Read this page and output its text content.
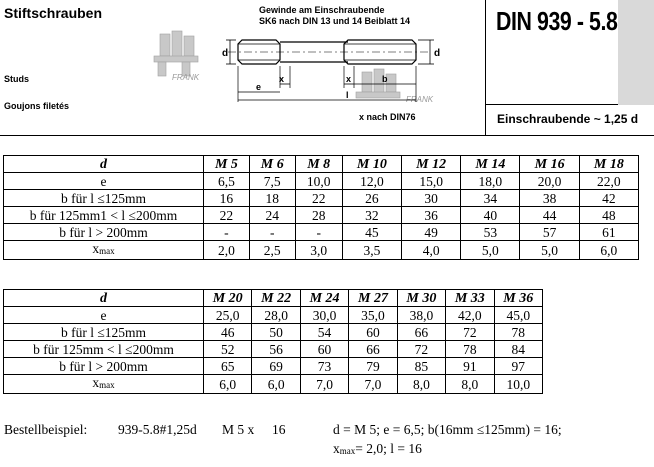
DIN 939 - 5.8
Einschraubende ~ 1,25 d
Stiftschrauben
Studs
Goujons filetés
Gewinde am Einschraubende
SK6 nach DIN 13 und 14 Beiblatt 14
x nach DIN76
FRANK
FRANK
d	d
x	x	b
e
l
d	M 5	M 6	M 8	M 10	M 12	M 14	M 16	M 18
e	6,5	7,5	10,0	12,0	15,0	18,0	20,0	22,0
b für l ≤125mm	16	18	22	26	30	34	38	42
b für 125mm1 < l ≤200mm	22	24	28	32	36	40	44	48
b für l > 200mm	-	-	-	45	49	53	57	61
xmax	2,0	2,5	3,0	3,5	4,0	5,0	5,0	6,0
d	M 20	M 22	M 24	M 27	M 30	M 33	M 36
e	25,0	28,0	30,0	35,0	38,0	42,0	45,0
b für l ≤125mm	46	50	54	60	66	72	78
b für 125mm < l ≤200mm	52	56	60	66	72	78	84
b für l > 200mm	65	69	73	79	85	91	97
xmax	6,0	6,0	7,0	7,0	8,0	8,0	10,0
Bestellbeispiel: 939-5.8#1,25d M 5 x 16	d = M 5; e = 6,5; b(16mm ≤125mm) = 16;
xmax= 2,0; l = 16
